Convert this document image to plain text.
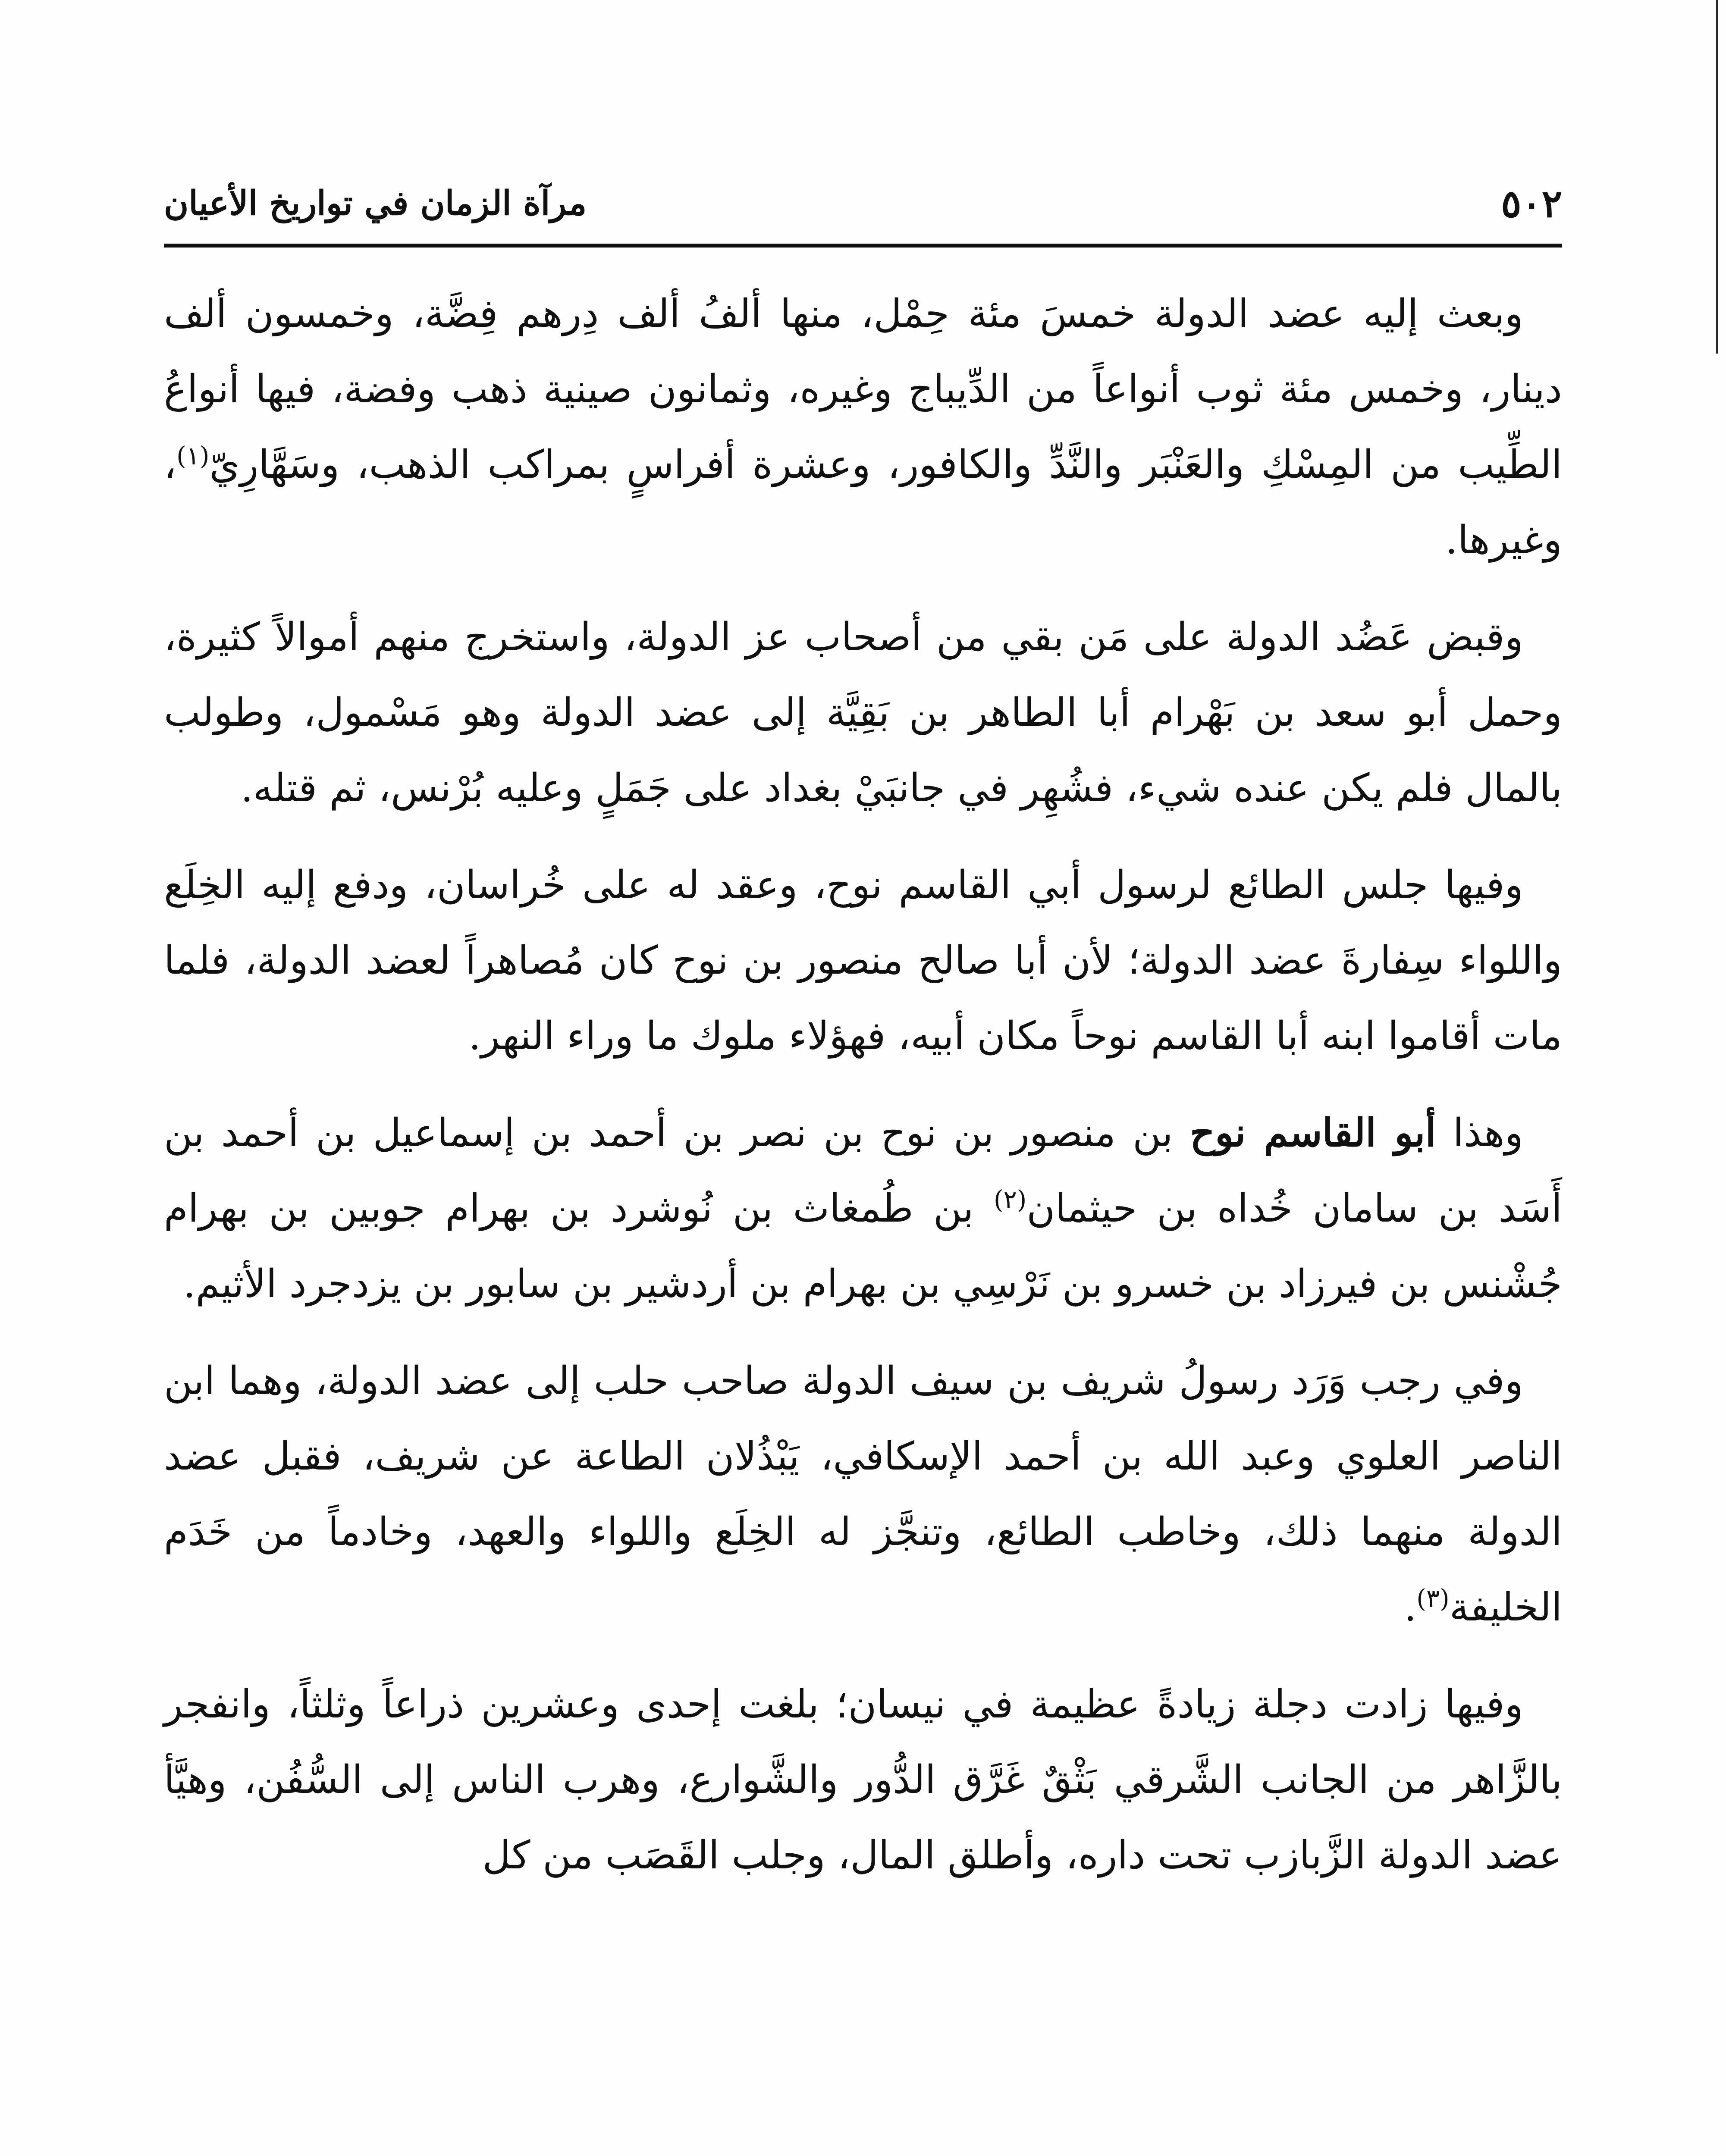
٥٠٢
مرآة الزمان في تواريخ الأعيان

وبعث إليه عضد الدولة خمسَ مئة حِمْل، منها ألفُ ألف دِرهم فِضَّة، وخمسون ألف دينار، وخمس مئة ثوب أنواعاً من الدِّيباج وغيره، وثمانون صينية ذهب وفضة، فيها أنواعُ الطِّيب من المِسْكِ والعَنْبَر والنَّدِّ والكافور، وعشرة أفراسٍ بمراكب الذهب، وسَهَّارِيّ$^{(١)}$، وغيرها.

وقبض عَضُد الدولة على مَن بقي من أصحاب عز الدولة، واستخرج منهم أموالاً كثيرة، وحمل أبو سعد بن بَهْرام أبا الطاهر بن بَقِيَّة إلى عضد الدولة وهو مَسْمول، وطولب بالمال فلم يكن عنده شيء، فشُهِر في جانبَيْ بغداد على جَمَلٍ وعليه بُرْنس، ثم قتله.

وفيها جلس الطائع لرسول أبي القاسم نوح، وعقد له على خُراسان، ودفع إليه الخِلَع واللواء سِفارةَ عضد الدولة؛ لأن أبا صالح منصور بن نوح كان مُصاهراً لعضد الدولة، فلما مات أقاموا ابنه أبا القاسم نوحاً مكان أبيه، فهؤلاء ملوك ما وراء النهر.

وهذا أبو القاسم نوح بن منصور بن نوح بن نصر بن أحمد بن إسماعيل بن أحمد بن أَسَد بن سامان خُداه بن حيثمان$^{(٢)}$ بن طُمغاث بن نُوشرد بن بهرام جوبين بن بهرام جُشْنس بن فيرزاد بن خسرو بن نَرْسِي بن بهرام بن أردشير بن سابور بن يزدجرد الأثيم.

وفي رجب وَرَد رسولُ شريف بن سيف الدولة صاحب حلب إلى عضد الدولة، وهما ابن الناصر العلوي وعبد الله بن أحمد الإسكافي، يَبْذُلان الطاعة عن شريف، فقبل عضد الدولة منهما ذلك، وخاطب الطائع، وتنجَّز له الخِلَع واللواء والعهد، وخادماً من خَدَم الخليفة$^{(٣)}$.

وفيها زادت دجلة زيادةً عظيمة في نيسان؛ بلغت إحدى وعشرين ذراعاً وثلثاً، وانفجر بالزَّاهر من الجانب الشَّرقي بَثْقٌ غَرَّق الدُّور والشَّوارع، وهرب الناس إلى السُّفُن، وهيَّأ عضد الدولة الزَّبازب تحت داره، وأطلق المال، وجلب القَصَب من كل
